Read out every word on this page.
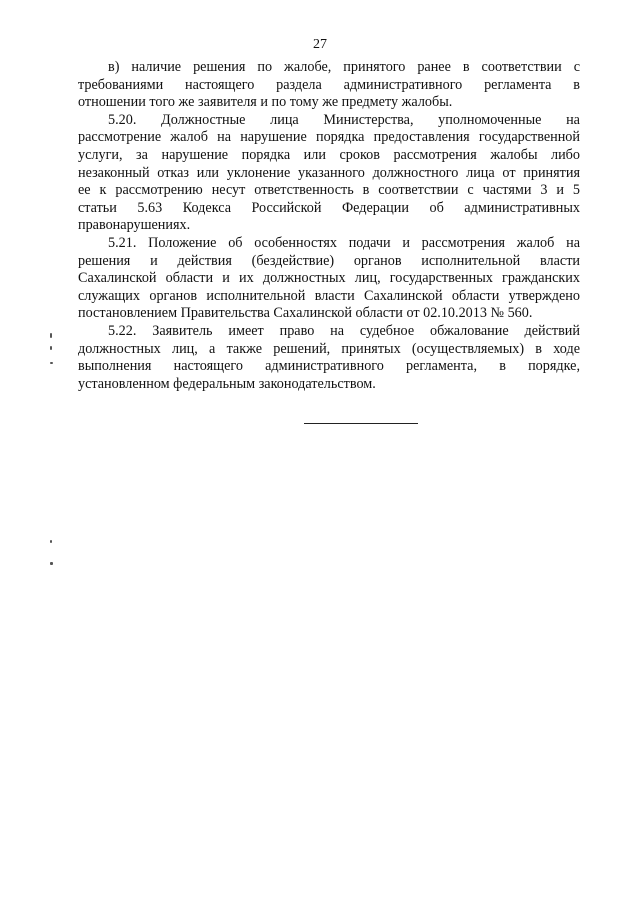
27

в) наличие решения по жалобе, принятого ранее в соответствии с
требованиями настоящего раздела административного регламента в
отношении того же заявителя и по тому же предмету жалобы.

5.20. Должностные лица Министерства, уполномоченные на
рассмотрение жалоб на нарушение порядка предоставления государственной
услуги, за нарушение порядка или сроков рассмотрения жалобы либо
незаконный отказ или уклонение указанного должностного лица от принятия
ее к рассмотрению несут ответственность в соответствии с частями 3 и 5
статьи 5.63 Кодекса Российской Федерации об административных
правонарушениях.

5.21. Положение об особенностях подачи и рассмотрения жалоб на
решения и действия (бездействие) органов исполнительной власти
Сахалинской области и их должностных лиц, государственных гражданских
служащих органов исполнительной власти Сахалинской области утверждено
постановлением Правительства Сахалинской области от 02.10.2013 № 560.

5.22. Заявитель имеет право на судебное обжалование действий
должностных лиц, а также решений, принятых (осуществляемых) в ходе
выполнения настоящего административного регламента, в порядке,
установленном федеральным законодательством.
